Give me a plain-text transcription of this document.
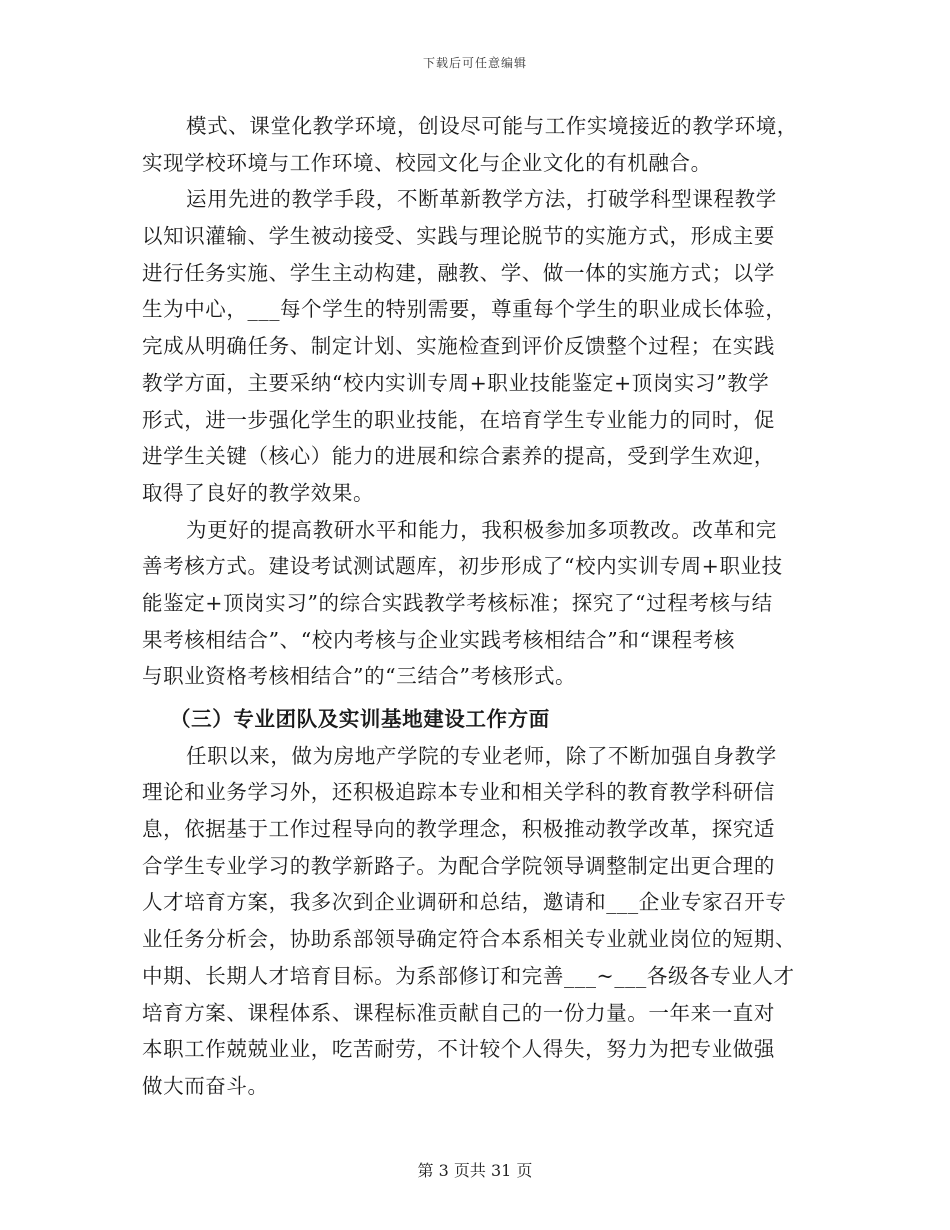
下载后可任意编辑
模式、课堂化教学环境，创设尽可能与工作实境接近的教学环境，
实现学校环境与工作环境、校园文化与企业文化的有机融合。
运用先进的教学手段，不断革新教学方法，打破学科型课程教学
以知识灌输、学生被动接受、实践与理论脱节的实施方式，形成主要
进行任务实施、学生主动构建，融教、学、做一体的实施方式；以学
生为中心，___每个学生的特别需要，尊重每个学生的职业成长体验，
完成从明确任务、制定计划、实施检查到评价反馈整个过程；在实践
教学方面，主要采纳“校内实训专周+职业技能鉴定+顶岗实习”教学
形式，进一步强化学生的职业技能，在培育学生专业能力的同时，促
进学生关键（核心）能力的进展和综合素养的提高，受到学生欢迎，
取得了良好的教学效果。
为更好的提高教研水平和能力，我积极参加多项教改。改革和完
善考核方式。建设考试测试题库，初步形成了“校内实训专周+职业技
能鉴定+顶岗实习”的综合实践教学考核标准；探究了“过程考核与结
果考核相结合”、“校内考核与企业实践考核相结合”和“课程考核
与职业资格考核相结合”的“三结合”考核形式。
（三）专业团队及实训基地建设工作方面
任职以来，做为房地产学院的专业老师，除了不断加强自身教学
理论和业务学习外，还积极追踪本专业和相关学科的教育教学科研信
息，依据基于工作过程导向的教学理念，积极推动教学改革，探究适
合学生专业学习的教学新路子。为配合学院领导调整制定出更合理的
人才培育方案，我多次到企业调研和总结，邀请和___企业专家召开专
业任务分析会，协助系部领导确定符合本系相关专业就业岗位的短期、
中期、长期人才培育目标。为系部修订和完善___~___各级各专业人才
培育方案、课程体系、课程标准贡献自己的一份力量。一年来一直对
本职工作兢兢业业，吃苦耐劳，不计较个人得失，努力为把专业做强
做大而奋斗。
第 3 页共 31 页
